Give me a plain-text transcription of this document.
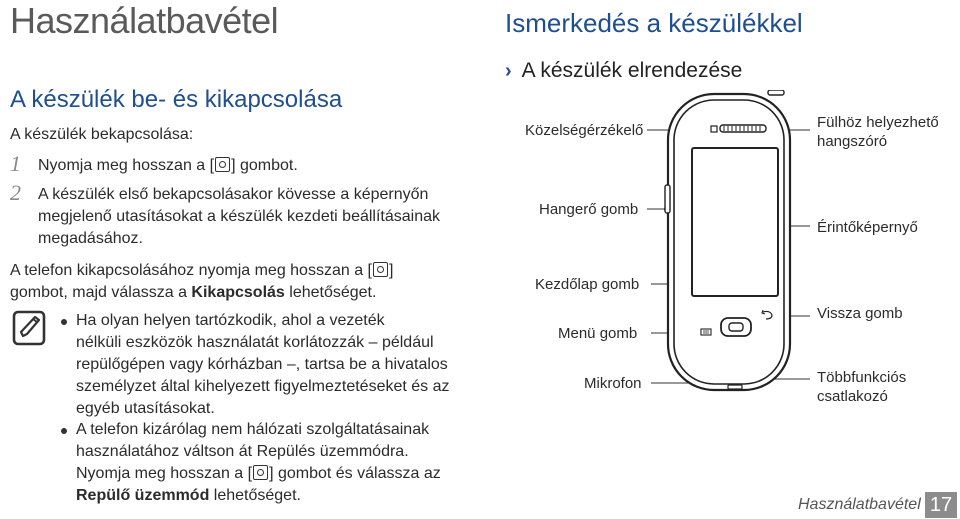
Használatbavétel
A készülék be- és kikapcsolása
A készülék bekapcsolása:
1 Nyomja meg hosszan a [ ] gombot.
2 A készülék első bekapcsolásakor kövesse a képernyőn
megjelenő utasításokat a készülék kezdeti beállításainak
megadásához.
A telefon kikapcsolásához nyomja meg hosszan a [ ]
gombot, majd válassza a Kikapcsolás lehetőséget.
Ha olyan helyen tartózkodik, ahol a vezeték
nélküli eszközök használatát korlátozzák – például
repülőgépen vagy kórházban –, tartsa be a hivatalos
személyzet által kihelyezett figyelmeztetéseket és az
egyéb utasításokat.
A telefon kizárólag nem hálózati szolgáltatásainak
használatához váltson át Repülés üzemmódra.
Nyomja meg hosszan a [ ] gombot és válassza az
Repülő üzemmód lehetőséget.
Ismerkedés a készülékkel
› A készülék elrendezése
Közelségérzékelő
Hangerő gomb
Kezdőlap gomb
Menü gomb
Mikrofon
Fülhöz helyezhető
hangszóró
Érintőképernyő
Vissza gomb
Többfunkciós
csatlakozó
Használatbavétel 17
